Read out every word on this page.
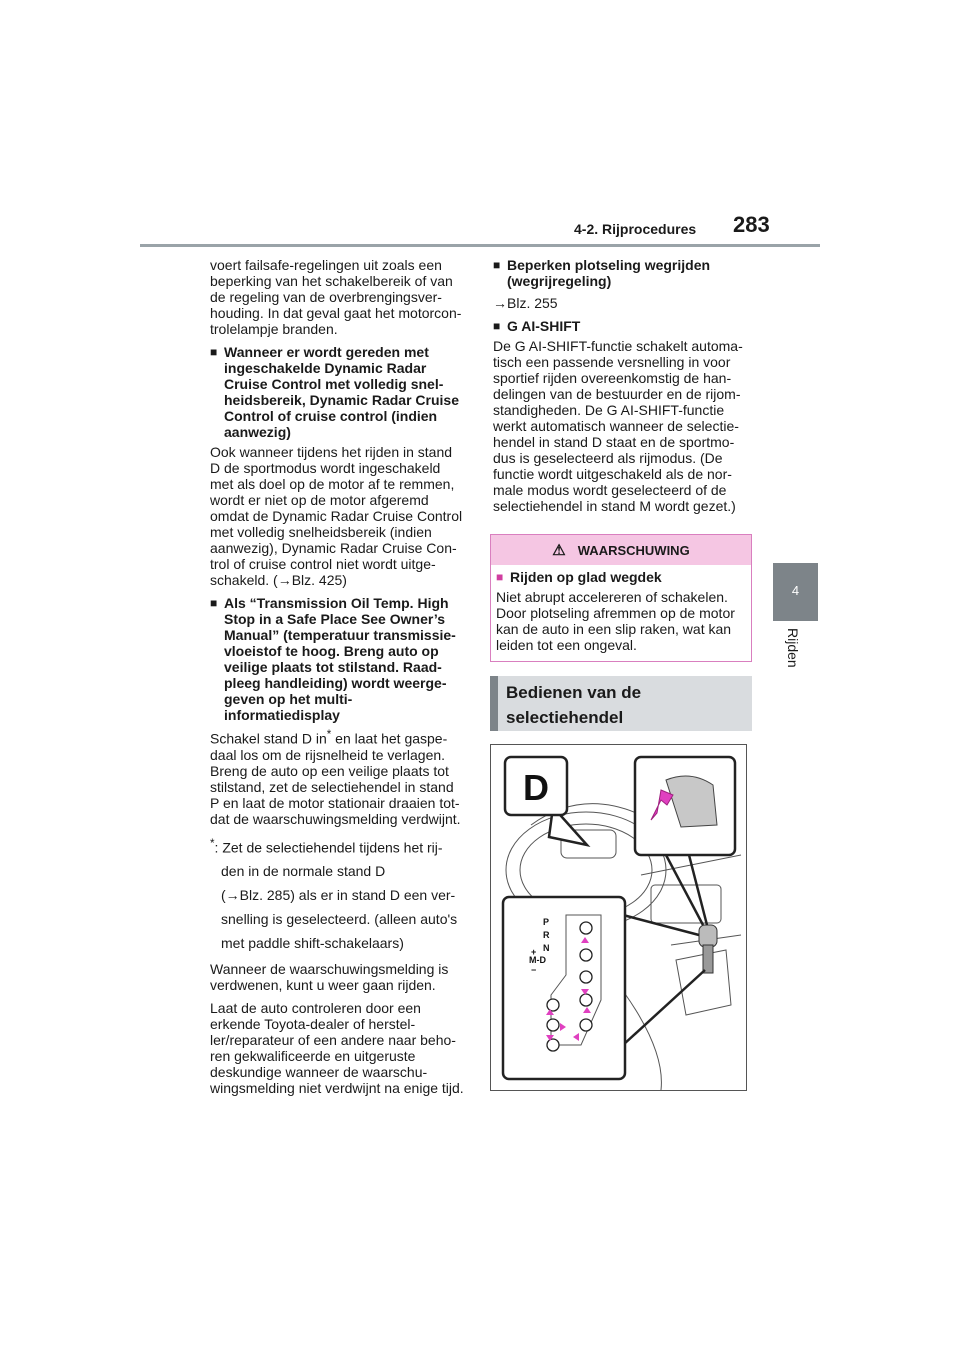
4-2. Rijprocedures 283
4
Rijden

voert failsafe-regelingen uit zoals een beperking van het schakelbereik of van de regeling van de overbrengingsverhouding. In dat geval gaat het motorcontrolelampje branden.

■ Wanneer er wordt gereden met ingeschakelde Dynamic Radar Cruise Control met volledig snelheidsbereik, Dynamic Radar Cruise Control of cruise control (indien aanwezig)

Ook wanneer tijdens het rijden in stand D de sportmodus wordt ingeschakeld met als doel op de motor af te remmen, wordt er niet op de motor afgeremd omdat de Dynamic Radar Cruise Control met volledig snelheidsbereik (indien aanwezig), Dynamic Radar Cruise Control of cruise control niet wordt uitgeschakeld. (→Blz. 425)

■ Als “Transmission Oil Temp. High Stop in a Safe Place See Owner’s Manual” (temperatuur transmissievloeistof te hoog. Breng auto op veilige plaats tot stilstand. Raadpleeg handleiding) wordt weergegeven op het multi-informatiedisplay

Schakel stand D in* en laat het gaspedaal los om de rijsnelheid te verlagen. Breng de auto op een veilige plaats tot stilstand, zet de selectiehendel in stand P en laat de motor stationair draaien totdat de waarschuwingsmelding verdwijnt.

*: Zet de selectiehendel tijdens het rij-
den in de normale stand D
(→Blz. 285) als er in stand D een ver-
snelling is geselecteerd. (alleen auto's
met paddle shift-schakelaars)

Wanneer de waarschuwingsmelding is verdwenen, kunt u weer gaan rijden.

Laat de auto controleren door een erkende Toyota-dealer of hersteller/reparateur of een andere naar behoren gekwalificeerde en uitgeruste deskundige wanneer de waarschuwingsmelding niet verdwijnt na enige tijd.

■ Beperken plotseling wegrijden (wegrijregeling)

→Blz. 255

■ G AI-SHIFT

De G AI-SHIFT-functie schakelt automatisch een passende versnelling in voor sportief rijden overeenkomstig de handelingen van de bestuurder en de rijomstandigheden. De G AI-SHIFT-functie werkt automatisch wanneer de selectiehendel in stand D staat en de sportmodus is geselecteerd als rijmodus. (De functie wordt uitgeschakeld als de normale modus wordt geselecteerd of de selectiehendel in stand M wordt gezet.)

⚠ WAARSCHUWING
■ Rijden op glad wegdek
Niet abrupt accelereren of schakelen. Door plotseling afremmen op de motor kan de auto in een slip raken, wat kan leiden tot een ongeval.
Bedienen van de
selectiehendel
D
P
R
N
M-D
+
−
